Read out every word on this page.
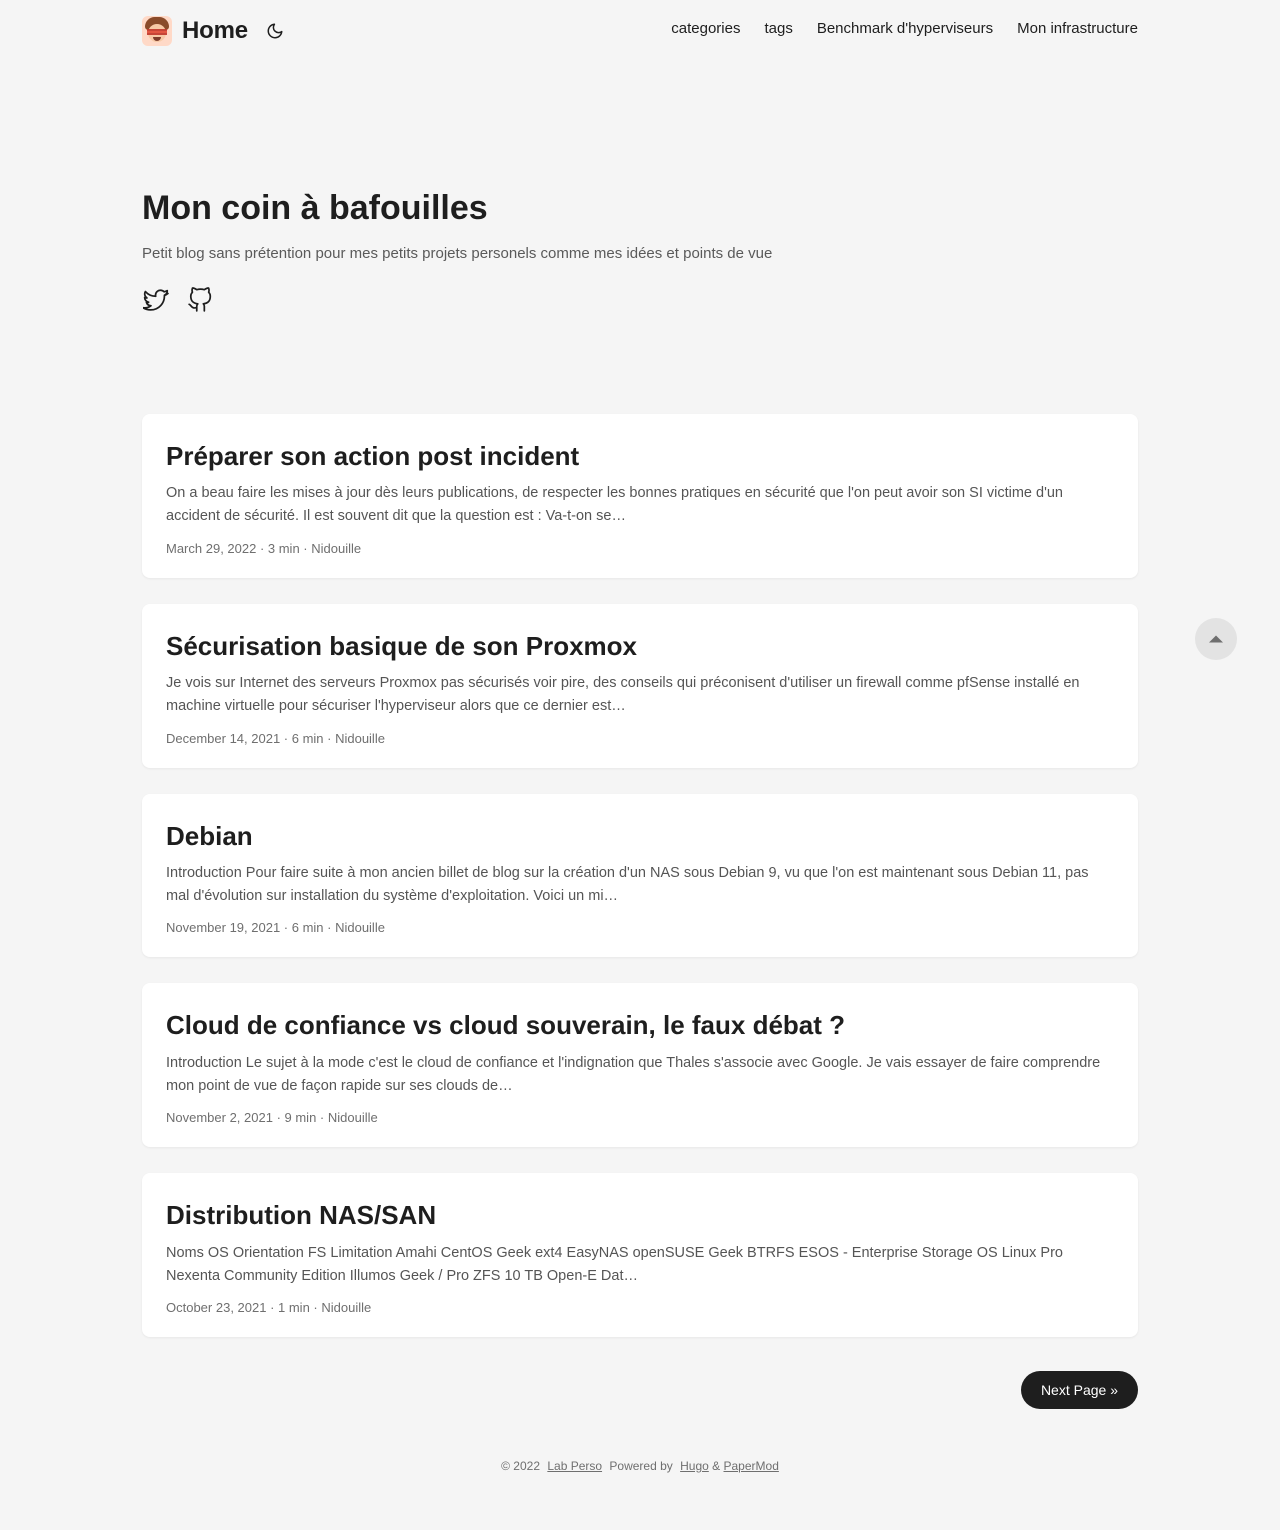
Home	categories tags Benchmark d'hyperviseurs Mon infrastructure
Mon coin à bafouilles

Petit blog sans prétention pour mes petits projets personels comme mes idées et points de vue

Préparer son action post incident

On a beau faire les mises à jour dès leurs publications, de respecter les bonnes pratiques en sécurité que l'on peut avoir son SI victime d'un accident de sécurité. Il est souvent dit que la question est : Va-t-on se…

March 29, 2022 · 3 min · Nidouille
Sécurisation basique de son Proxmox

Je vois sur Internet des serveurs Proxmox pas sécurisés voir pire, des conseils qui préconisent d'utiliser un firewall comme pfSense installé en machine virtuelle pour sécuriser l'hyperviseur alors que ce dernier est…

December 14, 2021 · 6 min · Nidouille
Debian

Introduction Pour faire suite à mon ancien billet de blog sur la création d'un NAS sous Debian 9, vu que l'on est maintenant sous Debian 11, pas mal d'évolution sur installation du système d'exploitation. Voici un mi…

November 19, 2021 · 6 min · Nidouille
Cloud de confiance vs cloud souverain, le faux débat ?

Introduction Le sujet à la mode c'est le cloud de confiance et l'indignation que Thales s'associe avec Google. Je vais essayer de faire comprendre mon point de vue de façon rapide sur ses clouds de…

November 2, 2021 · 9 min · Nidouille
Distribution NAS/SAN

Noms OS Orientation FS Limitation Amahi CentOS Geek ext4 EasyNAS openSUSE Geek BTRFS ESOS - Enterprise Storage OS Linux Pro Nexenta Community Edition Illumos Geek / Pro ZFS 10 TB Open-E Dat…

October 23, 2021 · 1 min · Nidouille
Next Page »
© 2022 Lab Perso Powered by Hugo & PaperMod
